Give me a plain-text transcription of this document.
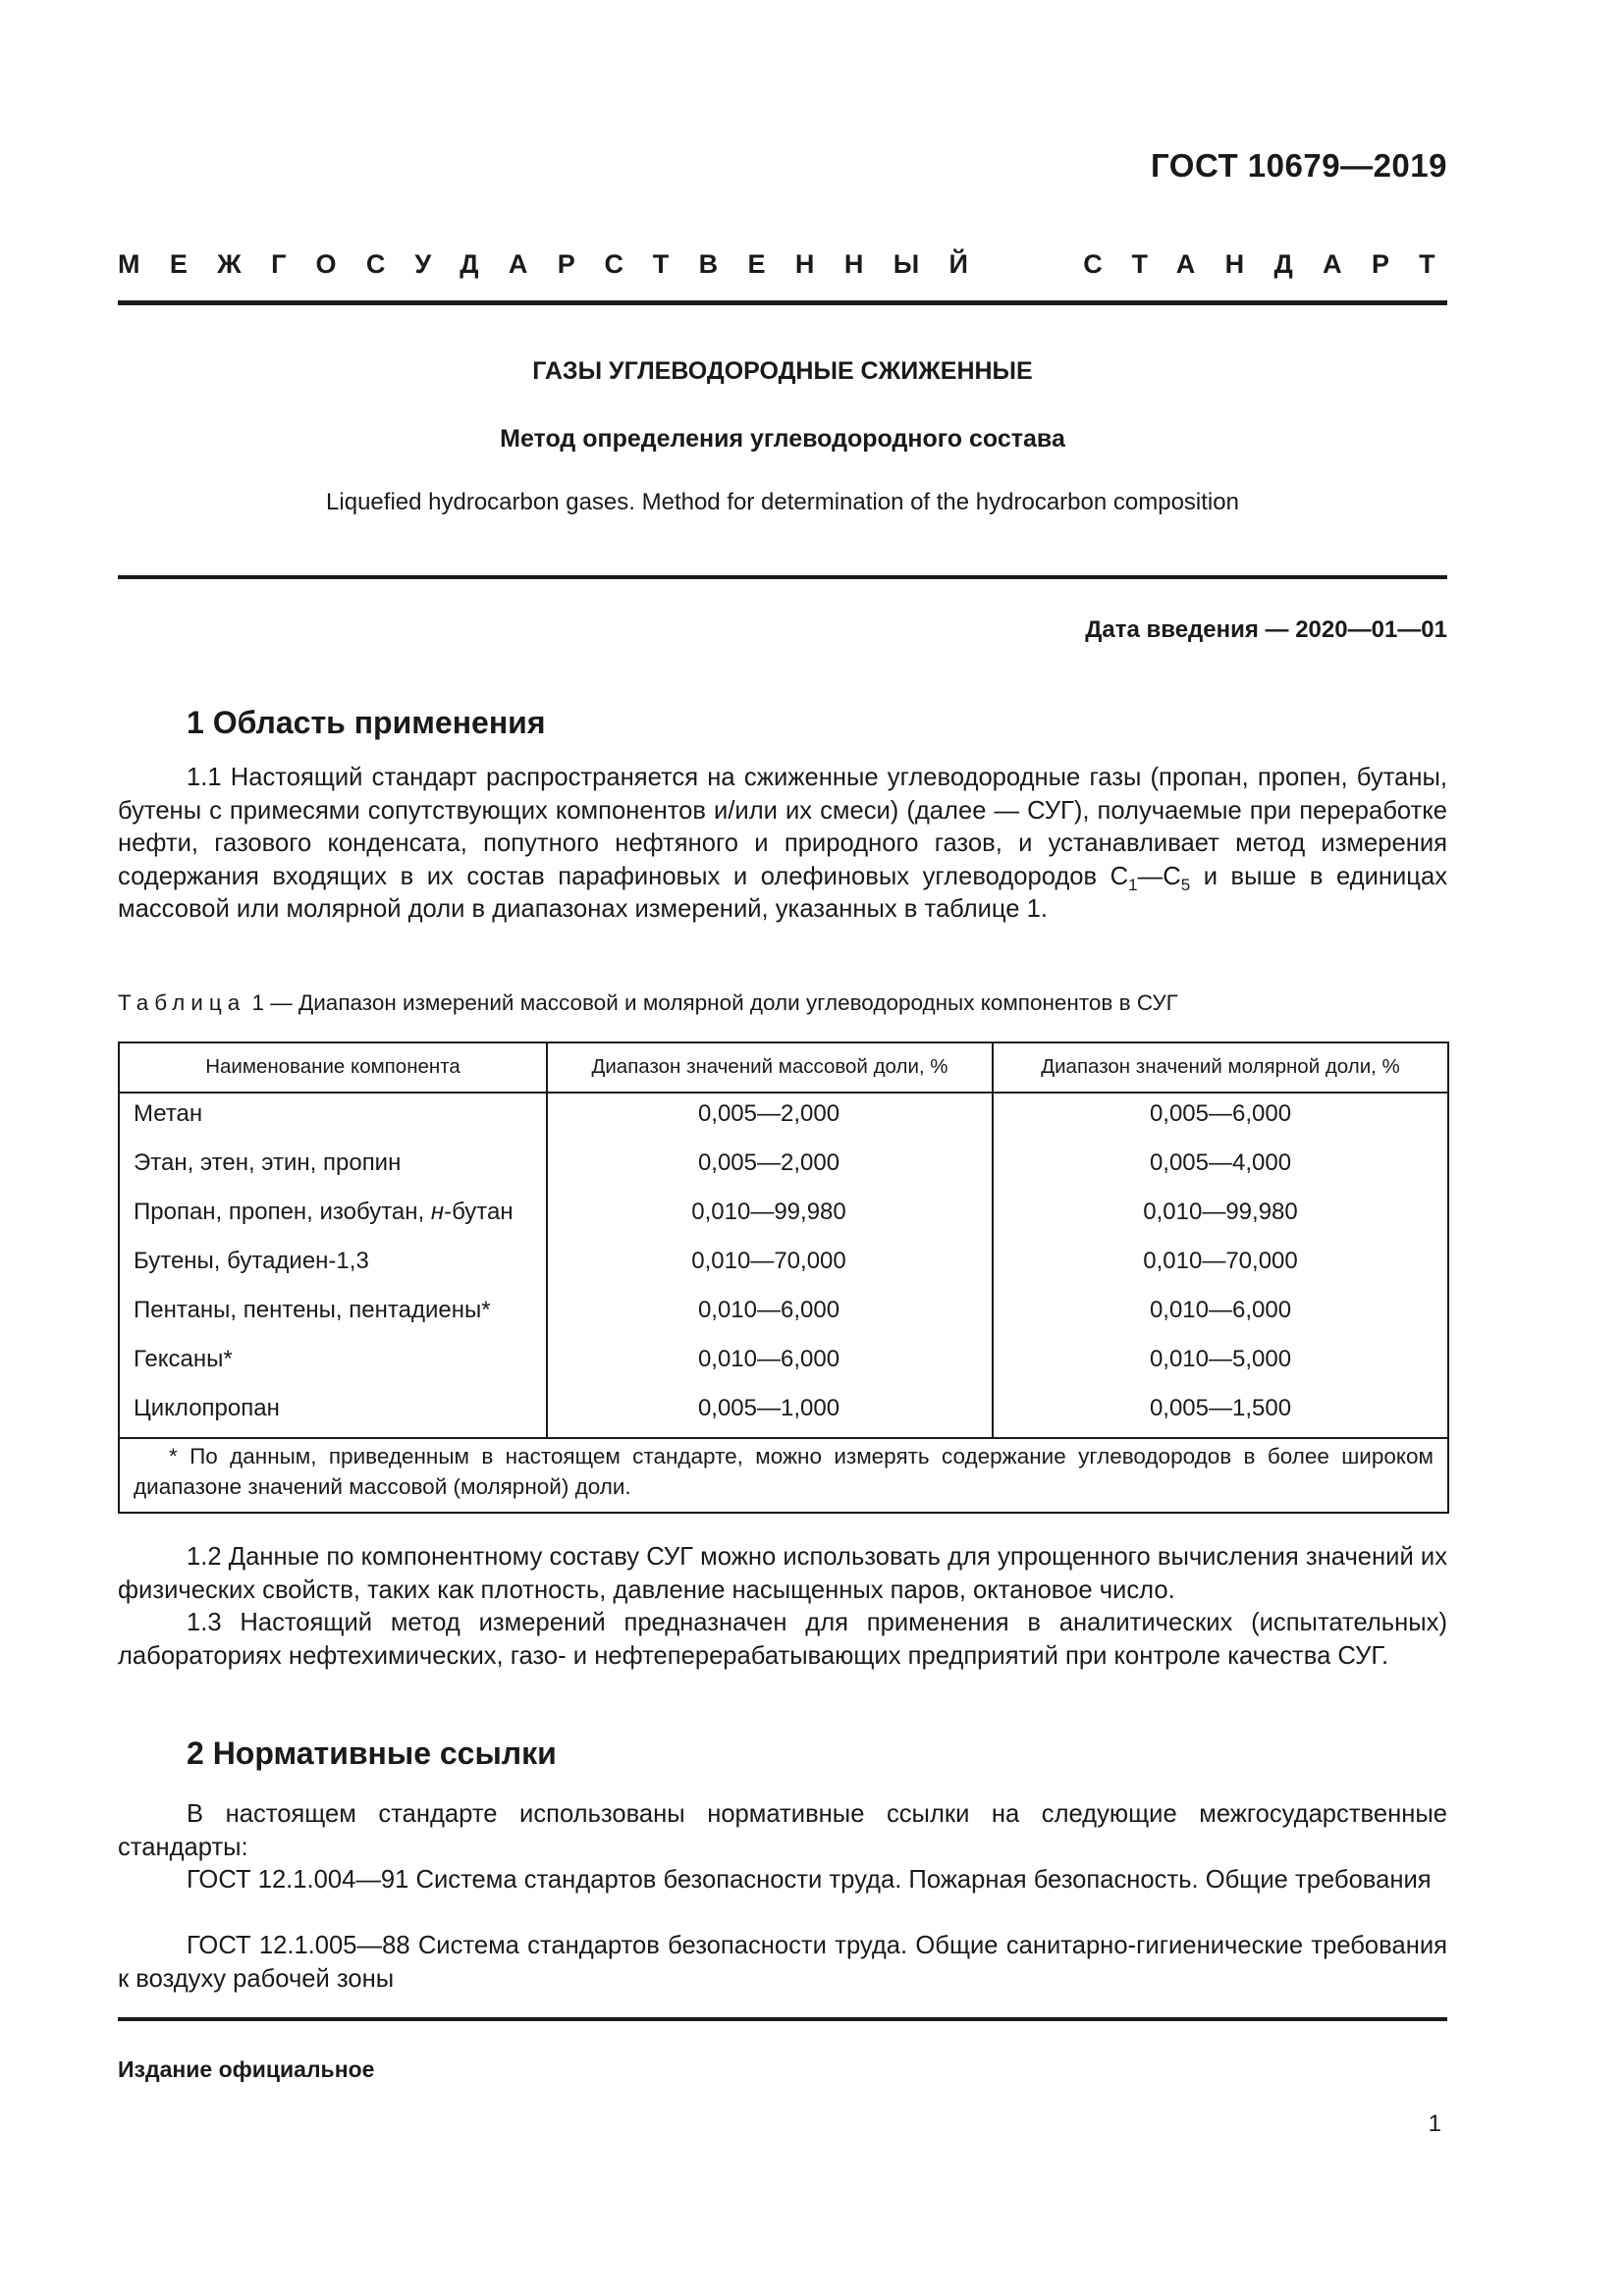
ГОСТ 10679—2019
МЕЖГОСУДАРСТВЕННЫЙ	СТАНДАРТ
ГАЗЫ УГЛЕВОДОРОДНЫЕ СЖИЖЕННЫЕ
Метод определения углеводородного состава
Liquefied hydrocarbon gases. Method for determination of the hydrocarbon composition
Дата введения — 2020—01—01
1 Область применения

1.1 Настоящий стандарт распространяется на сжиженные углеводородные газы (пропан, пропен, бутаны, бутены с примесями сопутствующих компонентов и/или их смеси) (далее — СУГ), получаемые при переработке нефти, газового конденсата, попутного нефтяного и природного газов, и устанавливает метод измерения содержания входящих в их состав парафиновых и олефиновых углеводородов $C_1—C_5$ и выше в единицах массовой или молярной доли в диапазонах измерений, указанных в таблице 1.

Таблица 1 — Диапазон измерений массовой и молярной доли углеводородных компонентов в СУГ
Наименование компонента	Диапазон значений массовой доли, %	Диапазон значений молярной доли, %
Метан	0,005—2,000	0,005—6,000
Этан, этен, этин, пропин	0,005—2,000	0,005—4,000
Пропан, пропен, изобутан, н-бутан	0,010—99,980	0,010—99,980
Бутены, бутадиен-1,3	0,010—70,000	0,010—70,000
Пентаны, пентены, пентадиены*	0,010—6,000	0,010—6,000
Гексаны*	0,010—6,000	0,010—5,000
Циклопропан	0,005—1,000	0,005—1,500

* По данным, приведенным в настоящем стандарте, можно измерять содержание углеводородов в более широком диапазоне значений массовой (молярной) доли.

1.2 Данные по компонентному составу СУГ можно использовать для упрощенного вычисления значений их физических свойств, таких как плотность, давление насыщенных паров, октановое число.

1.3 Настоящий метод измерений предназначен для применения в аналитических (испытательных) лабораториях нефтехимических, газо- и нефтеперерабатывающих предприятий при контроле качества СУГ.

2 Нормативные ссылки

В настоящем стандарте использованы нормативные ссылки на следующие межгосударственные стандарты:

ГОСТ 12.1.004—91 Система стандартов безопасности труда. Пожарная безопасность. Общие требования

ГОСТ 12.1.005—88 Система стандартов безопасности труда. Общие санитарно-гигиенические требования к воздуху рабочей зоны

Издание официальное
1
